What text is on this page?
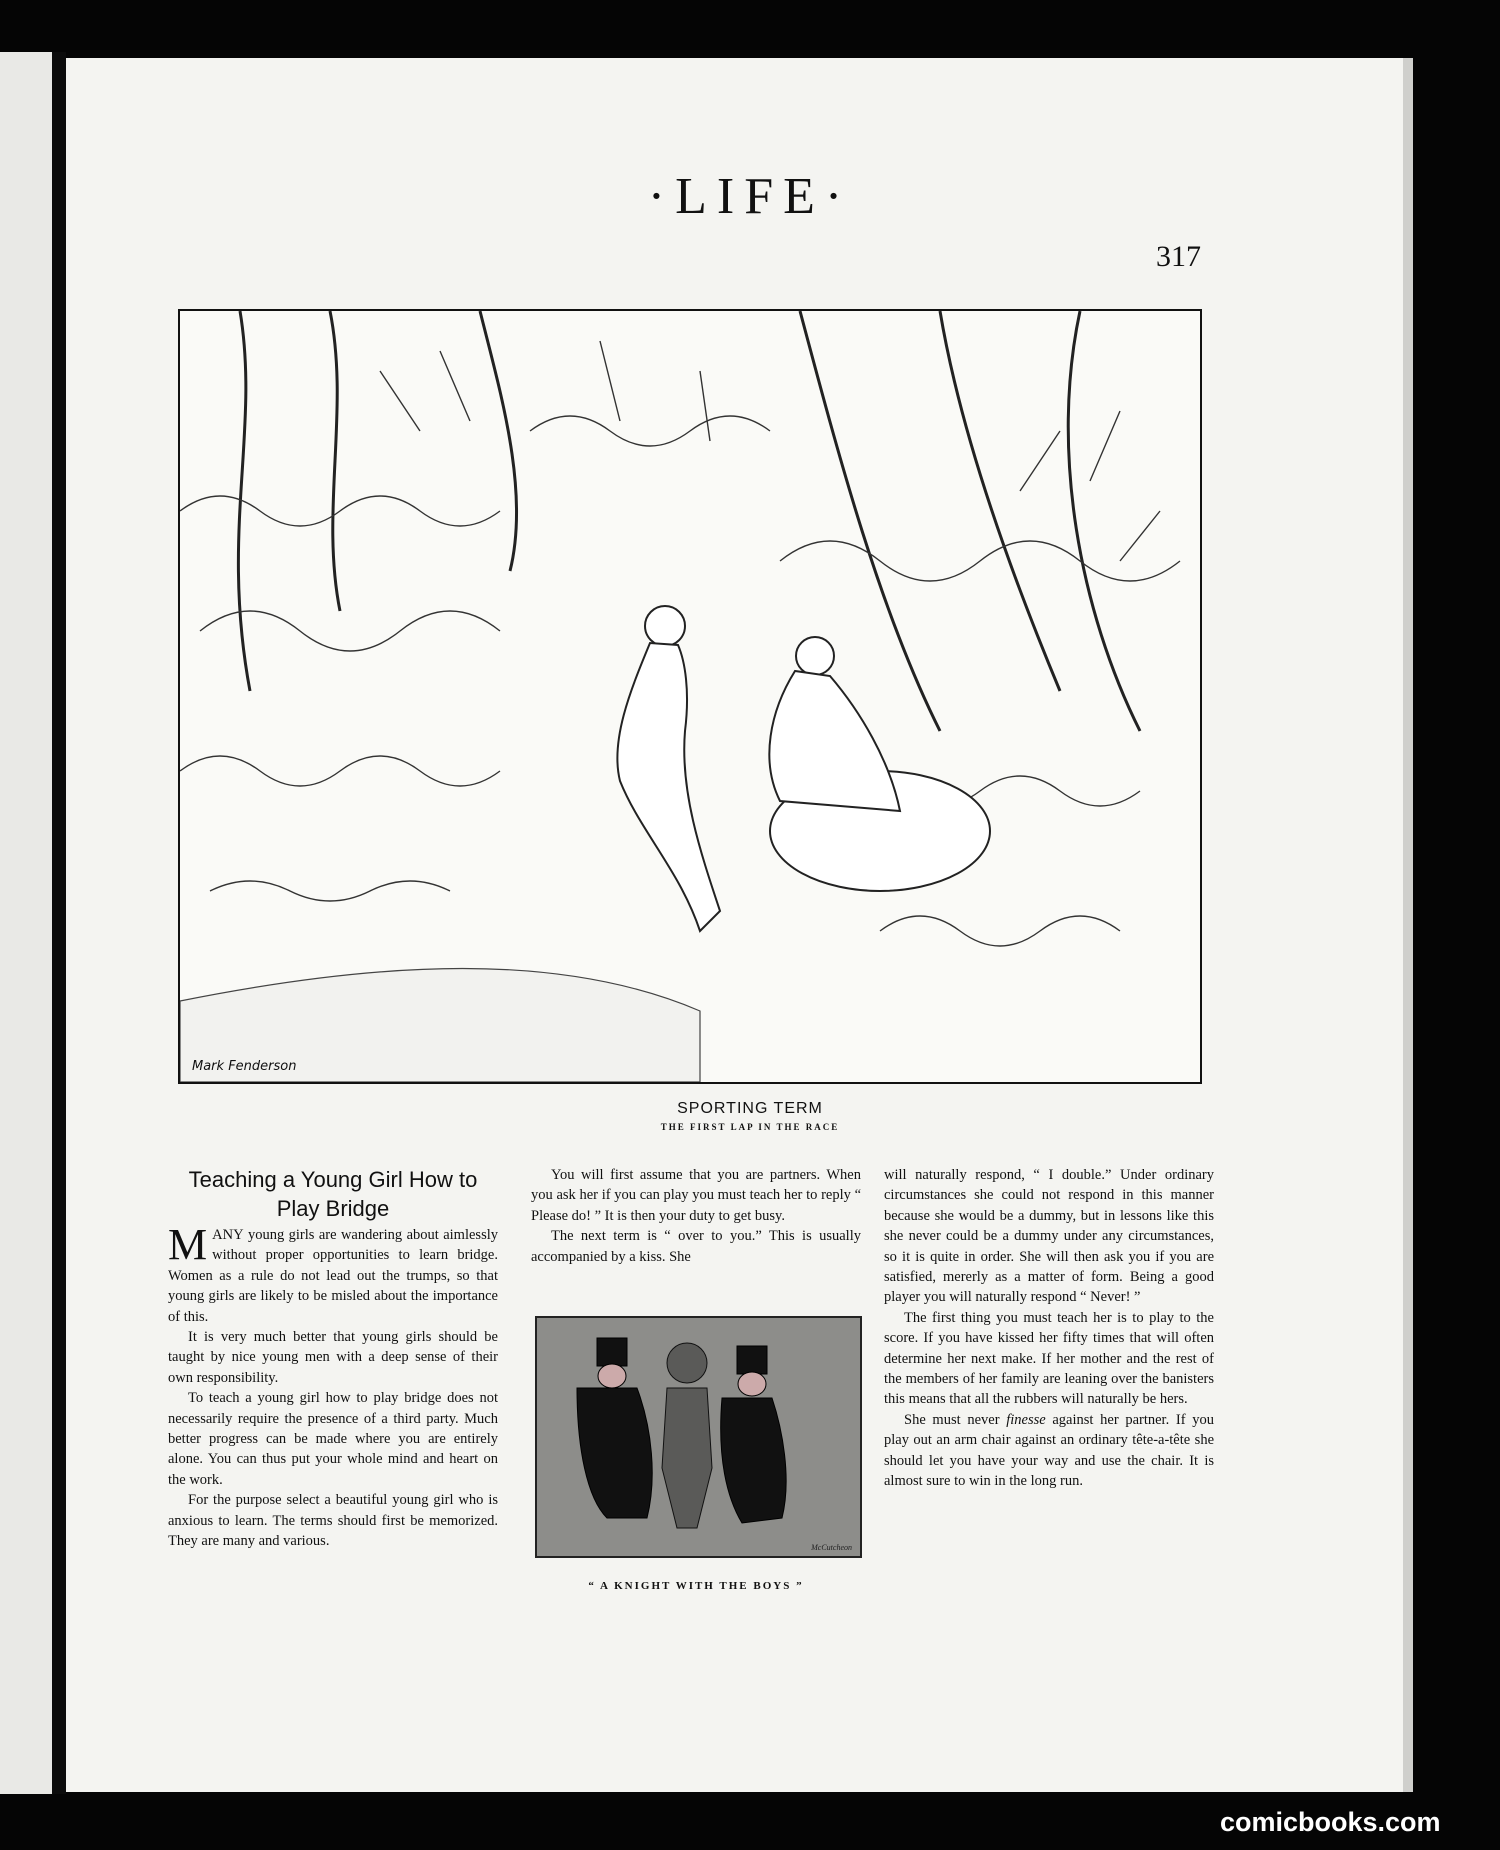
·LIFE·
317
Mark Fenderson
SPORTING TERM
THE FIRST LAP IN THE RACE
Teaching a Young Girl How to Play Bridge

MANY young girls are wandering about aimlessly without proper opportunities to learn bridge. Women as a rule do not lead out the trumps, so that young girls are likely to be misled about the importance of this.

It is very much better that young girls should be taught by nice young men with a deep sense of their own responsibility.

To teach a young girl how to play bridge does not necessarily require the presence of a third party. Much better progress can be made where you are entirely alone. You can thus put your whole mind and heart on the work.

For the purpose select a beautiful young girl who is anxious to learn. The terms should first be memorized. They are many and various.

You will first assume that you are partners. When you ask her if you can play you must teach her to reply “ Please do! ” It is then your duty to get busy.

The next term is “ over to you.” This is usually accompanied by a kiss. She

McCutcheon
“ A KNIGHT WITH THE BOYS ”

will naturally respond, “ I double.” Under ordinary circumstances she could not respond in this manner because she would be a dummy, but in lessons like this she never could be a dummy under any circumstances, so it is quite in order. She will then ask you if you are satisfied, mererly as a matter of form. Being a good player you will naturally respond “ Never! ”

The first thing you must teach her is to play to the score. If you have kissed her fifty times that will often determine her next make. If her mother and the rest of the members of her family are leaning over the banisters this means that all the rubbers will naturally be hers.

She must never finesse against her partner. If you play out an arm chair against an ordinary tête-a-tête she should let you have your way and use the chair. It is almost sure to win in the long run.

comicbooks.com
